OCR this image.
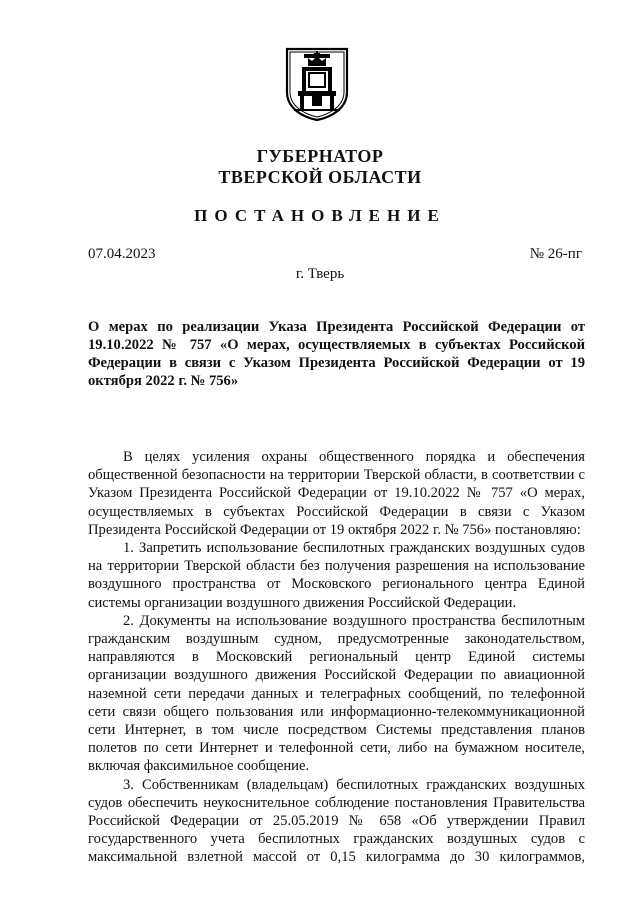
ГУБЕРНАТОР
ТВЕРСКОЙ ОБЛАСТИ
ПОСТАНОВЛЕНИЕ
07.04.2023	№ 26-пг
г. Тверь
О мерах по реализации Указа Президента Российской Федерации от 19.10.2022 № 757 «О мерах, осуществляемых в субъектах Российской Федерации в связи с Указом Президента Российской Федерации от 19 октября 2022 г. № 756»

В целях усиления охраны общественного порядка и обеспечения общественной безопасности на территории Тверской области, в соответствии с Указом Президента Российской Федерации от 19.10.2022 № 757 «О мерах, осуществляемых в субъектах Российской Федерации в связи с Указом Президента Российской Федерации от 19 октября 2022 г. № 756» постановляю:

1. Запретить использование беспилотных гражданских воздушных судов на территории Тверской области без получения разрешения на использование воздушного пространства от Московского регионального центра Единой системы организации воздушного движения Российской Федерации.

2. Документы на использование воздушного пространства беспилотным гражданским воздушным судном, предусмотренные законодательством, направляются в Московский региональный центр Единой системы организации воздушного движения Российской Федерации по авиационной наземной сети передачи данных и телеграфных сообщений, по телефонной сети связи общего пользования или информационно-телекоммуникационной сети Интернет, в том числе посредством Системы представления планов полетов по сети Интернет и телефонной сети, либо на бумажном носителе, включая факсимильное сообщение.

3. Собственникам (владельцам) беспилотных гражданских воздушных судов обеспечить неукоснительное соблюдение постановления Правительства Российской Федерации от 25.05.2019 № 658 «Об утверждении Правил государственного учета беспилотных гражданских воздушных судов с максимальной взлетной массой от 0,15 килограмма до 30 килограммов,
